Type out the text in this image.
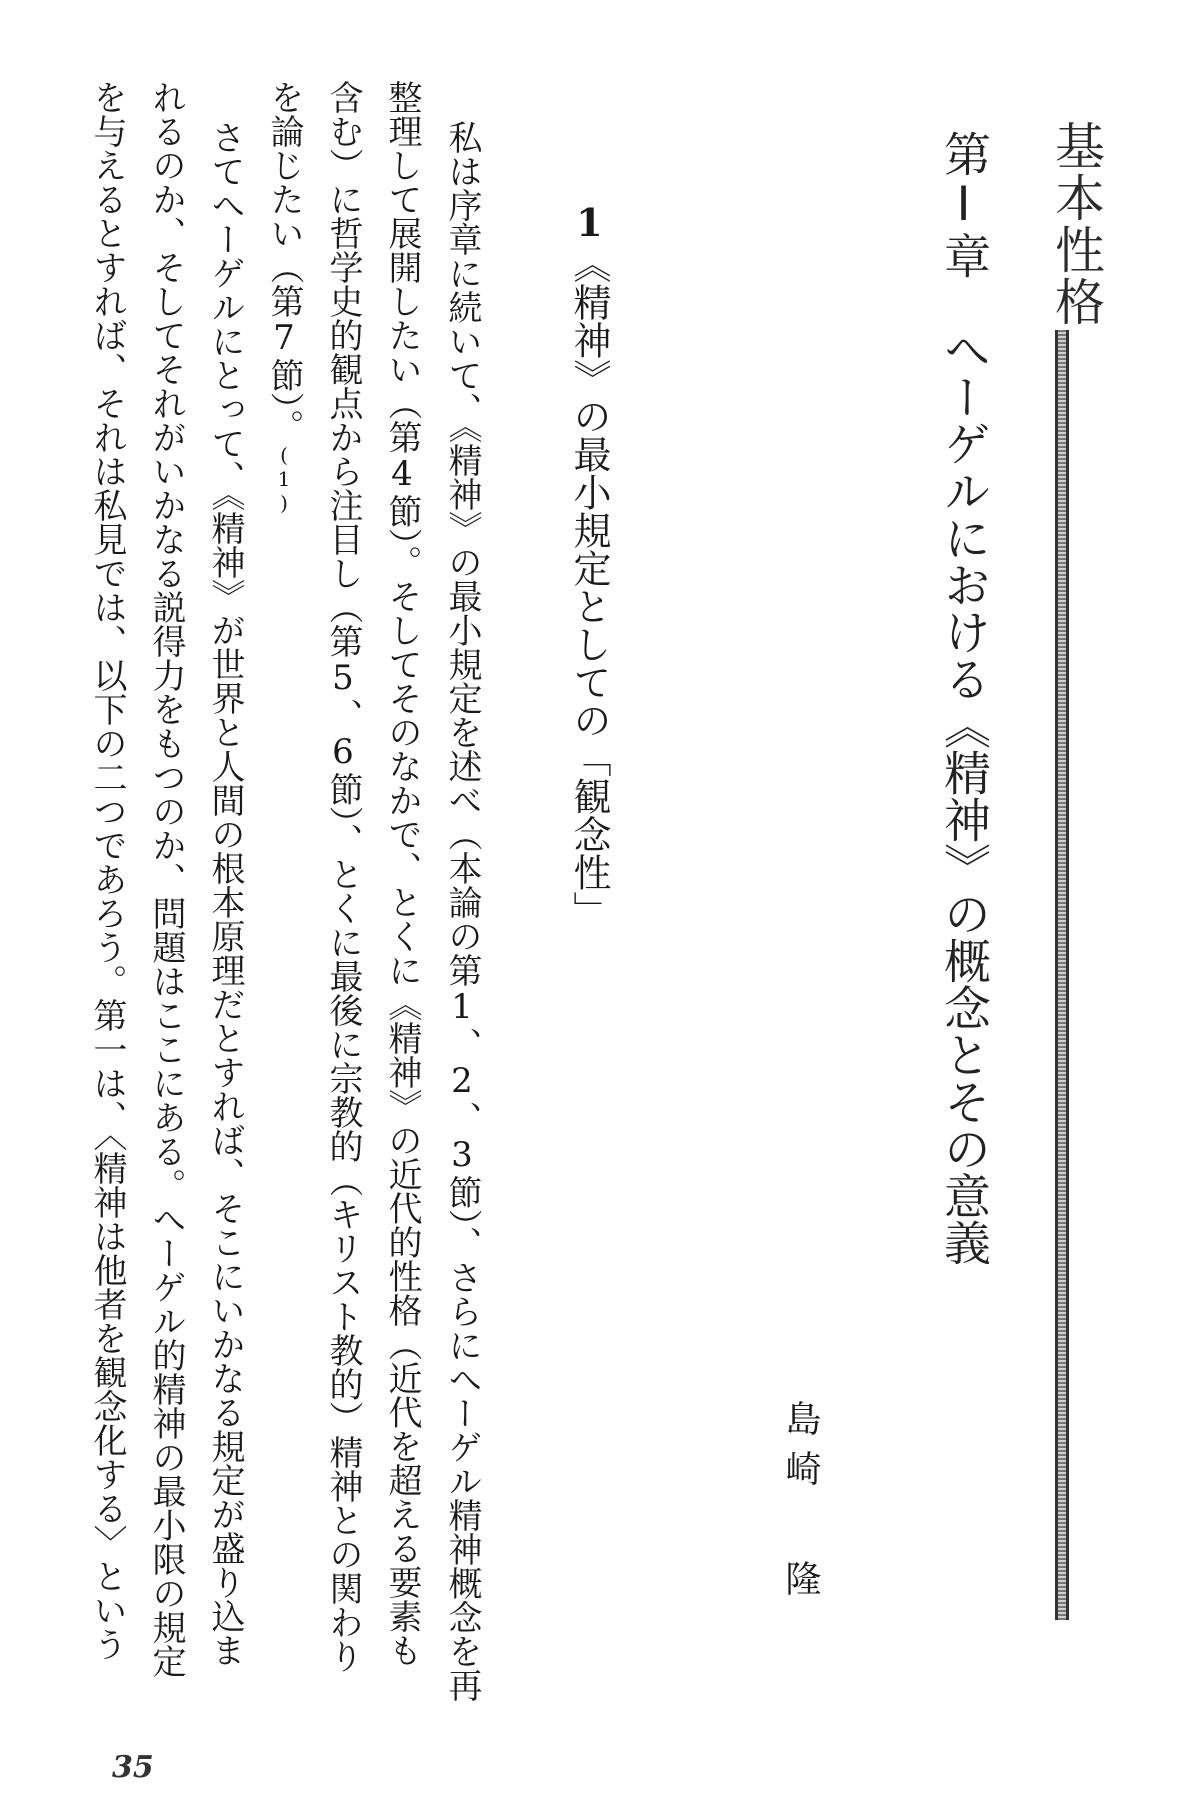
基本性格
第Ⅰ章　へーゲルにおける《精神》の概念とその意義
島崎
隆
1《精神》の最小規定としての「観念性」
私は序章に続いて、《精神》の最小規定を述べ（本論の第1、2、3節）、さらにへーゲル精神概念を再
整理して展開したい（第4節）。そしてそのなかで、とくに《精神》の近代的性格（近代を超える要素も
含む）に哲学史的観点から注目し（第5、6節）、とくに最後に宗教的（キリスト教的）精神との関わり
を論じたい（第7節）。(1)
さてへーゲルにとって、《精神》が世界と人間の根本原理だとすれば、そこにいかなる規定が盛り込ま
れるのか、そしてそれがいかなる説得力をもつのか、問題はここにある。へーゲル的精神の最小限の規定
を与えるとすれば、それは私見では、以下の二つであろう。第一は、〈精神は他者を観念化する〉という
35
